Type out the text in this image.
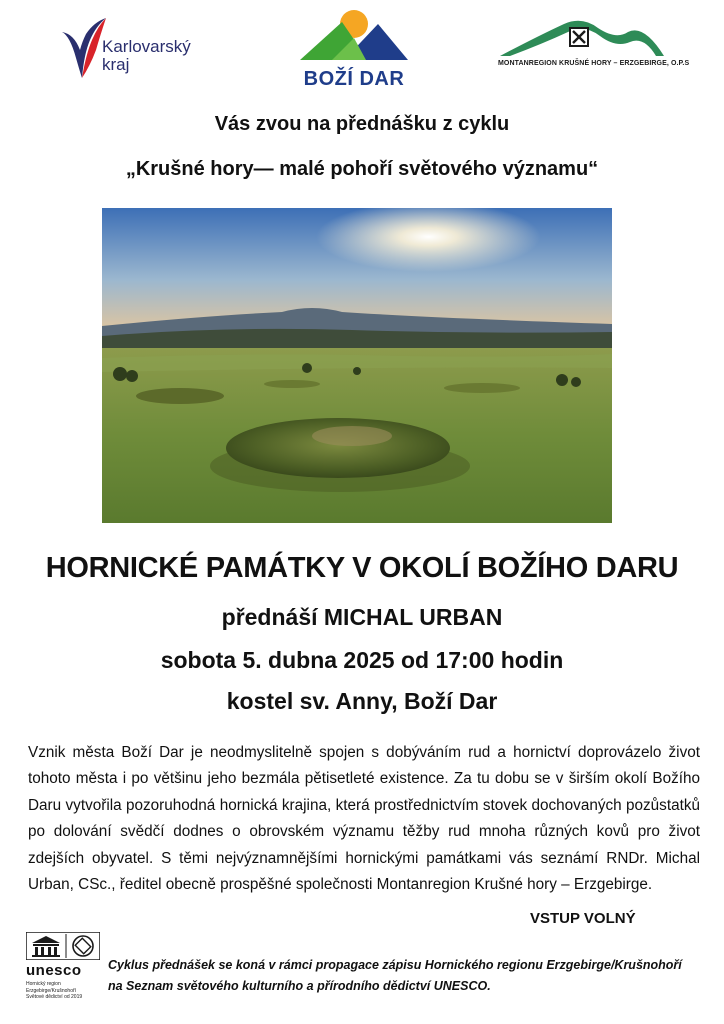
Karlovarský
kraj
BOŽÍ DAR
MONTANREGION KRUŠNÉ HORY – ERZGEBIRGE, O.P.S
Vás zvou na přednášku z cyklu
„Krušné hory— malé pohoří světového významu“
HORNICKÉ PAMÁTKY V OKOLÍ BOŽÍHO DARU
přednáší MICHAL URBAN
sobota 5. dubna 2025 od 17:00 hodin
kostel sv. Anny, Boží Dar
Vznik města Boží Dar je neodmyslitelně spojen s dobýváním rud a hornictví doprovázelo život tohoto města i po většinu jeho bezmála pětisetleté existence. Za tu dobu se v širším okolí Božího Daru vytvořila pozoruhodná hornická krajina, která prostřednictvím stovek dochovaných pozůstatků po dolování svědčí dodnes o obrovském významu těžby rud mnoha různých kovů pro život zdejších obyvatel. S těmi nejvýznamnějšími hornickými památkami vás seznámí RNDr. Michal Urban, CSc., ředitel obecně prospěšné společnosti Montanregion Krušné hory – Erzgebirge.
VSTUP VOLNÝ
unesco
Hornický region
Erzgebirge/Krušnohoří
Světové dědictví od 2019
Cyklus přednášek se koná v rámci propagace zápisu Hornického regionu Erzgebirge/Krušnohoří
na Seznam světového kulturního a přírodního dědictví UNESCO.
